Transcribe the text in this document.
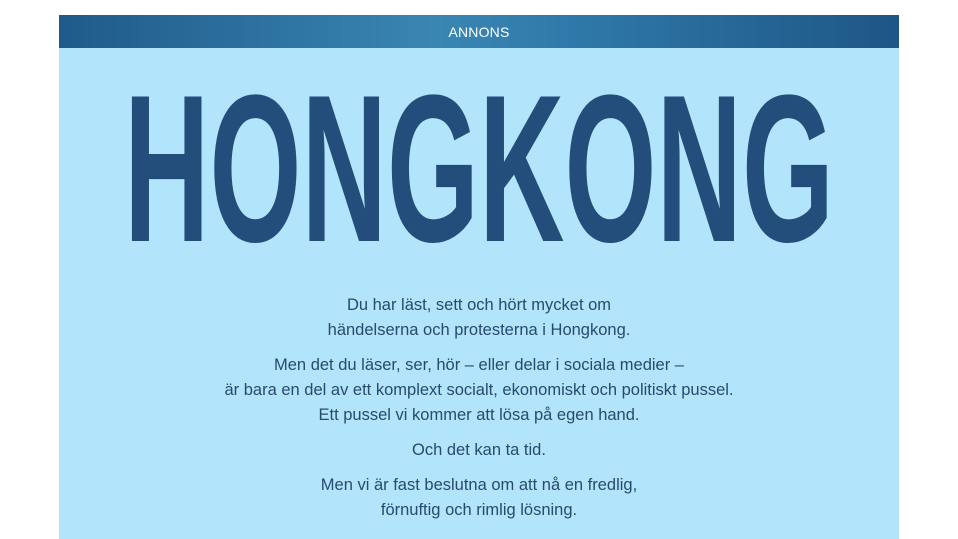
ANNONS
HONGKONG

Du har läst, sett och hört mycket om
händelserna och protesterna i Hongkong.

Men det du läser, ser, hör – eller delar i sociala medier –
är bara en del av ett komplext socialt, ekonomiskt och politiskt pussel.
Ett pussel vi kommer att lösa på egen hand.

Och det kan ta tid.

Men vi är fast beslutna om att nå en fredlig,
förnuftig och rimlig lösning.
